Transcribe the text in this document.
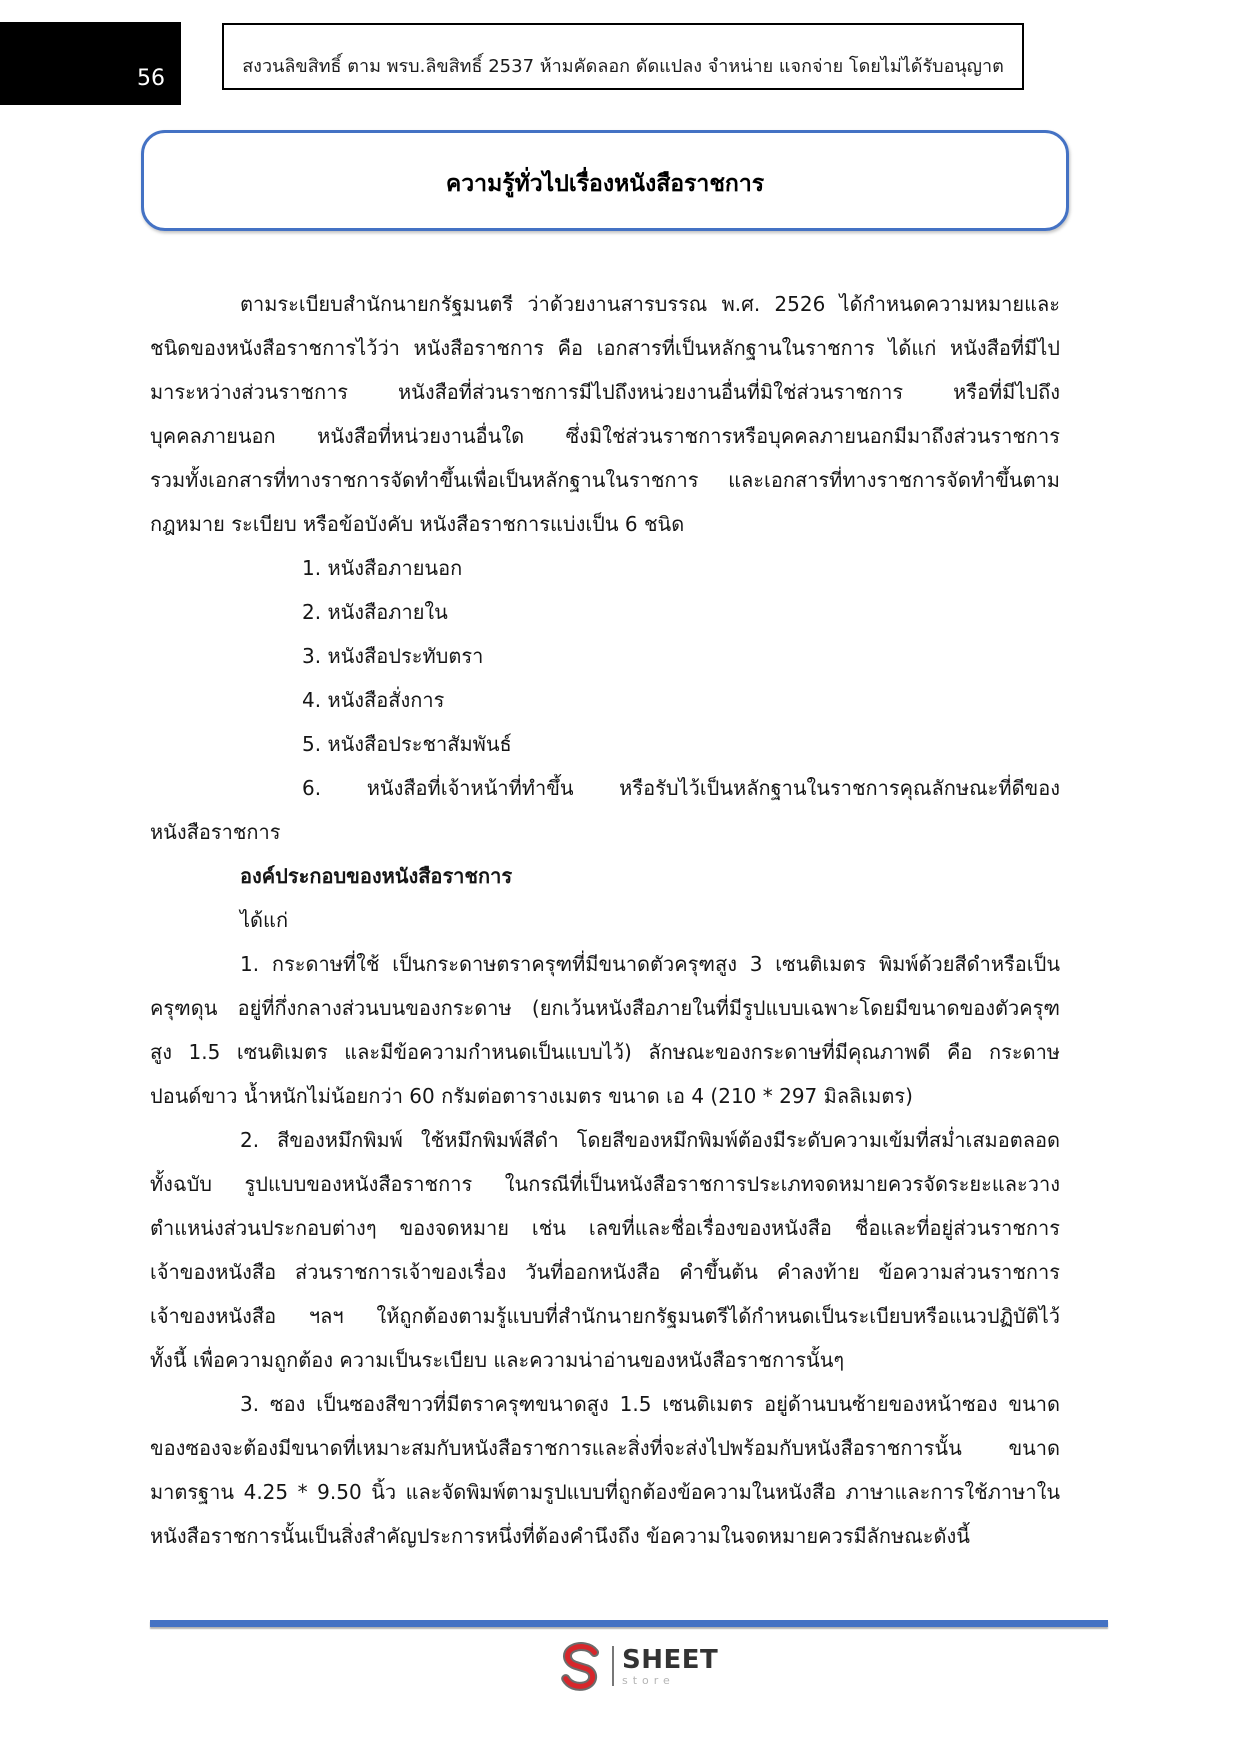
56	สงวนลิขสิทธิ์ ตาม พรบ.ลิขสิทธิ์ 2537 ห้ามคัดลอก ดัดแปลง จำหน่าย แจกจ่าย โดยไม่ได้รับอนุญาต
ความรู้ทั่วไปเรื่องหนังสือราชการ
ตามระเบียบสำนักนายกรัฐมนตรี ว่าด้วยงานสารบรรณ พ.ศ. 2526 ได้กำหนดความหมายและ
ชนิดของหนังสือราชการไว้ว่า หนังสือราชการ คือ เอกสารที่เป็นหลักฐานในราชการ ได้แก่ หนังสือที่มีไป
มาระหว่างส่วนราชการ หนังสือที่ส่วนราชการมีไปถึงหน่วยงานอื่นที่มิใช่ส่วนราชการ หรือที่มีไปถึง
บุคคลภายนอก หนังสือที่หน่วยงานอื่นใด ซึ่งมิใช่ส่วนราชการหรือบุคคลภายนอกมีมาถึงส่วนราชการ
รวมทั้งเอกสารที่ทางราชการจัดทำขึ้นเพื่อเป็นหลักฐานในราชการ และเอกสารที่ทางราชการจัดทำขึ้นตาม
กฎหมาย ระเบียบ หรือข้อบังคับ หนังสือราชการแบ่งเป็น 6 ชนิด
1. หนังสือภายนอก
2. หนังสือภายใน
3. หนังสือประทับตรา
4. หนังสือสั่งการ
5. หนังสือประชาสัมพันธ์
6. หนังสือที่เจ้าหน้าที่ทำขึ้น หรือรับไว้เป็นหลักฐานในราชการคุณลักษณะที่ดีของ
หนังสือราชการ
องค์ประกอบของหนังสือราชการ
ได้แก่
1. กระดาษที่ใช้ เป็นกระดาษตราครุฑที่มีขนาดตัวครุฑสูง 3 เซนติเมตร พิมพ์ด้วยสีดำหรือเป็น
ครุฑดุน อยู่ที่กึ่งกลางส่วนบนของกระดาษ (ยกเว้นหนังสือภายในที่มีรูปแบบเฉพาะโดยมีขนาดของตัวครุฑ
สูง 1.5 เซนติเมตร และมีข้อความกำหนดเป็นแบบไว้) ลักษณะของกระดาษที่มีคุณภาพดี คือ กระดาษ
ปอนด์ขาว น้ำหนักไม่น้อยกว่า 60 กรัมต่อตารางเมตร ขนาด เอ 4 (210 * 297 มิลลิเมตร)
2. สีของหมึกพิมพ์ ใช้หมึกพิมพ์สีดำ โดยสีของหมึกพิมพ์ต้องมีระดับความเข้มที่สม่ำเสมอตลอด
ทั้งฉบับ รูปแบบของหนังสือราชการ ในกรณีที่เป็นหนังสือราชการประเภทจดหมายควรจัดระยะและวาง
ตำแหน่งส่วนประกอบต่างๆ ของจดหมาย เช่น เลขที่และชื่อเรื่องของหนังสือ ชื่อและที่อยู่ส่วนราชการ
เจ้าของหนังสือ ส่วนราชการเจ้าของเรื่อง วันที่ออกหนังสือ คำขึ้นต้น คำลงท้าย ข้อความส่วนราชการ
เจ้าของหนังสือ ฯลฯ ให้ถูกต้องตามรู้แบบที่สำนักนายกรัฐมนตรีได้กำหนดเป็นระเบียบหรือแนวปฏิบัติไว้
ทั้งนี้ เพื่อความถูกต้อง ความเป็นระเบียบ และความน่าอ่านของหนังสือราชการนั้นๆ
3. ซอง เป็นซองสีขาวที่มีตราครุฑขนาดสูง 1.5 เซนติเมตร อยู่ด้านบนซ้ายของหน้าซอง ขนาด
ของซองจะต้องมีขนาดที่เหมาะสมกับหนังสือราชการและสิ่งที่จะส่งไปพร้อมกับหนังสือราชการนั้น ขนาด
มาตรฐาน 4.25 * 9.50 นิ้ว และจัดพิมพ์ตามรูปแบบที่ถูกต้องข้อความในหนังสือ ภาษาและการใช้ภาษาใน
หนังสือราชการนั้นเป็นสิ่งสำคัญประการหนึ่งที่ต้องคำนึงถึง ข้อความในจดหมายควรมีลักษณะดังนี้
SHEET
store
